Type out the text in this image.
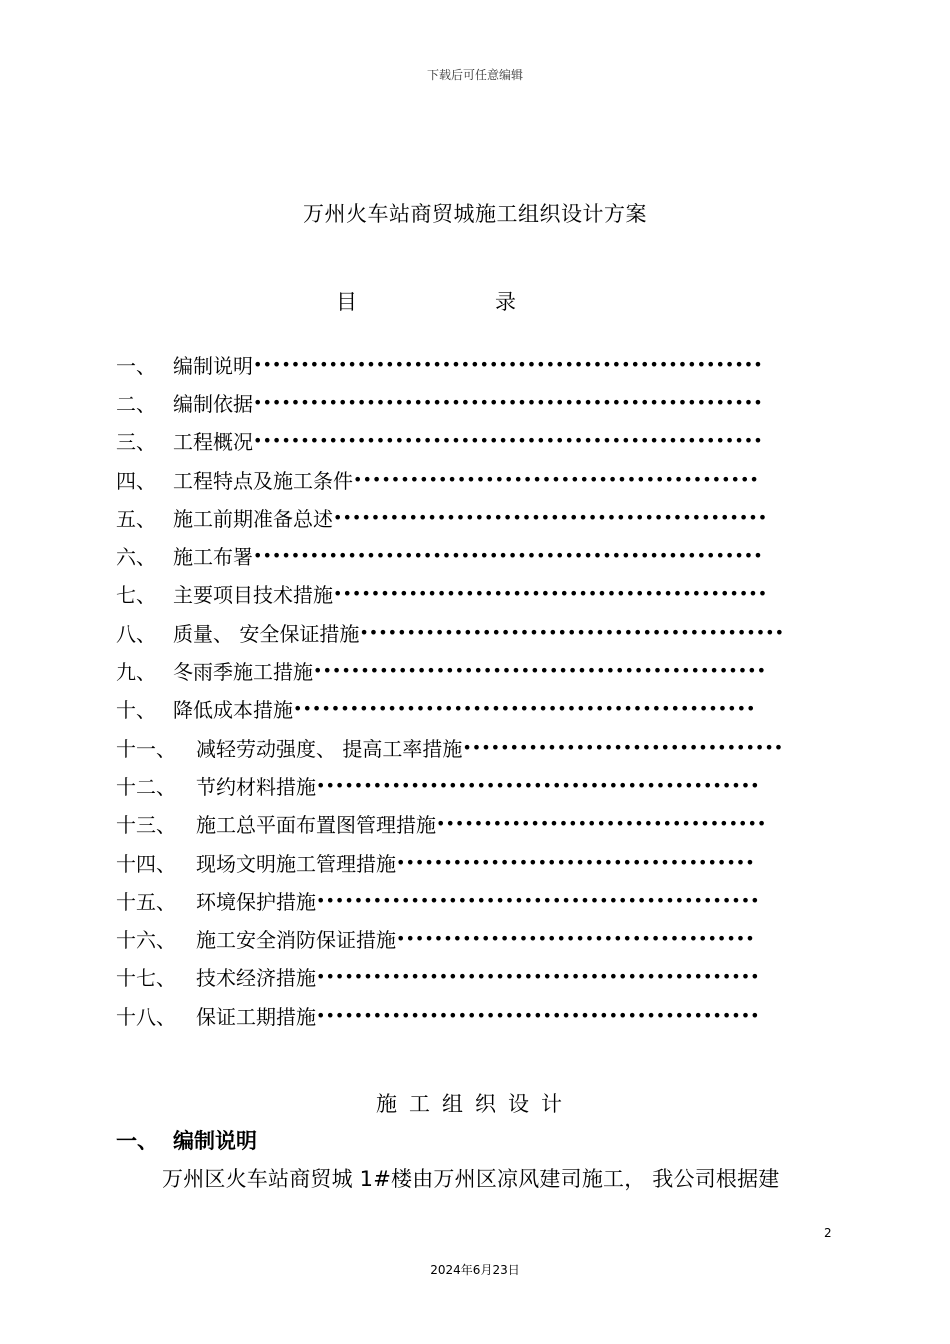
下载后可任意编辑
万州火车站商贸城施工组织设计方案
目	录
一、 编制说明 ••••••••••••••••••••••••••••••••••••••••••••••••••••••
二、 编制依据 ••••••••••••••••••••••••••••••••••••••••••••••••••••••
三、 工程概况 ••••••••••••••••••••••••••••••••••••••••••••••••••••••
四、 工程特点及施工条件 •••••••••••••••••••••••••••••••••••••••••••
五、 施工前期准备总述 ••••••••••••••••••••••••••••••••••••••••••••••
六、 施工布署 ••••••••••••••••••••••••••••••••••••••••••••••••••••••
七、 主要项目技术措施 ••••••••••••••••••••••••••••••••••••••••••••••
八、 质量、 安全保证措施 •••••••••••••••••••••••••••••••••••••••••••••
九、 冬雨季施工措施 ••••••••••••••••••••••••••••••••••••••••••••••••
十、 降低成本措施 •••••••••••••••••••••••••••••••••••••••••••••••••
十一、	减轻劳动强度、 提高工率措施 ••••••••••••••••••••••••••••••••••
十二、	节约材料措施 •••••••••••••••••••••••••••••••••••••••••••••••
十三、	施工总平面布置图管理措施 •••••••••••••••••••••••••••••••••••
十四、	现场文明施工管理措施 ••••••••••••••••••••••••••••••••••••••
十五、	环境保护措施 •••••••••••••••••••••••••••••••••••••••••••••••
十六、	施工安全消防保证措施 ••••••••••••••••••••••••••••••••••••••
十七、	技术经济措施 •••••••••••••••••••••••••••••••••••••••••••••••
十八、	保证工期措施 •••••••••••••••••••••••••••••••••••••••••••••••
施工组织设计
一、 编制说明
万州区火车站商贸城 1#楼由万州区凉风建司施工， 我公司根据建
2
2024年6月23日
